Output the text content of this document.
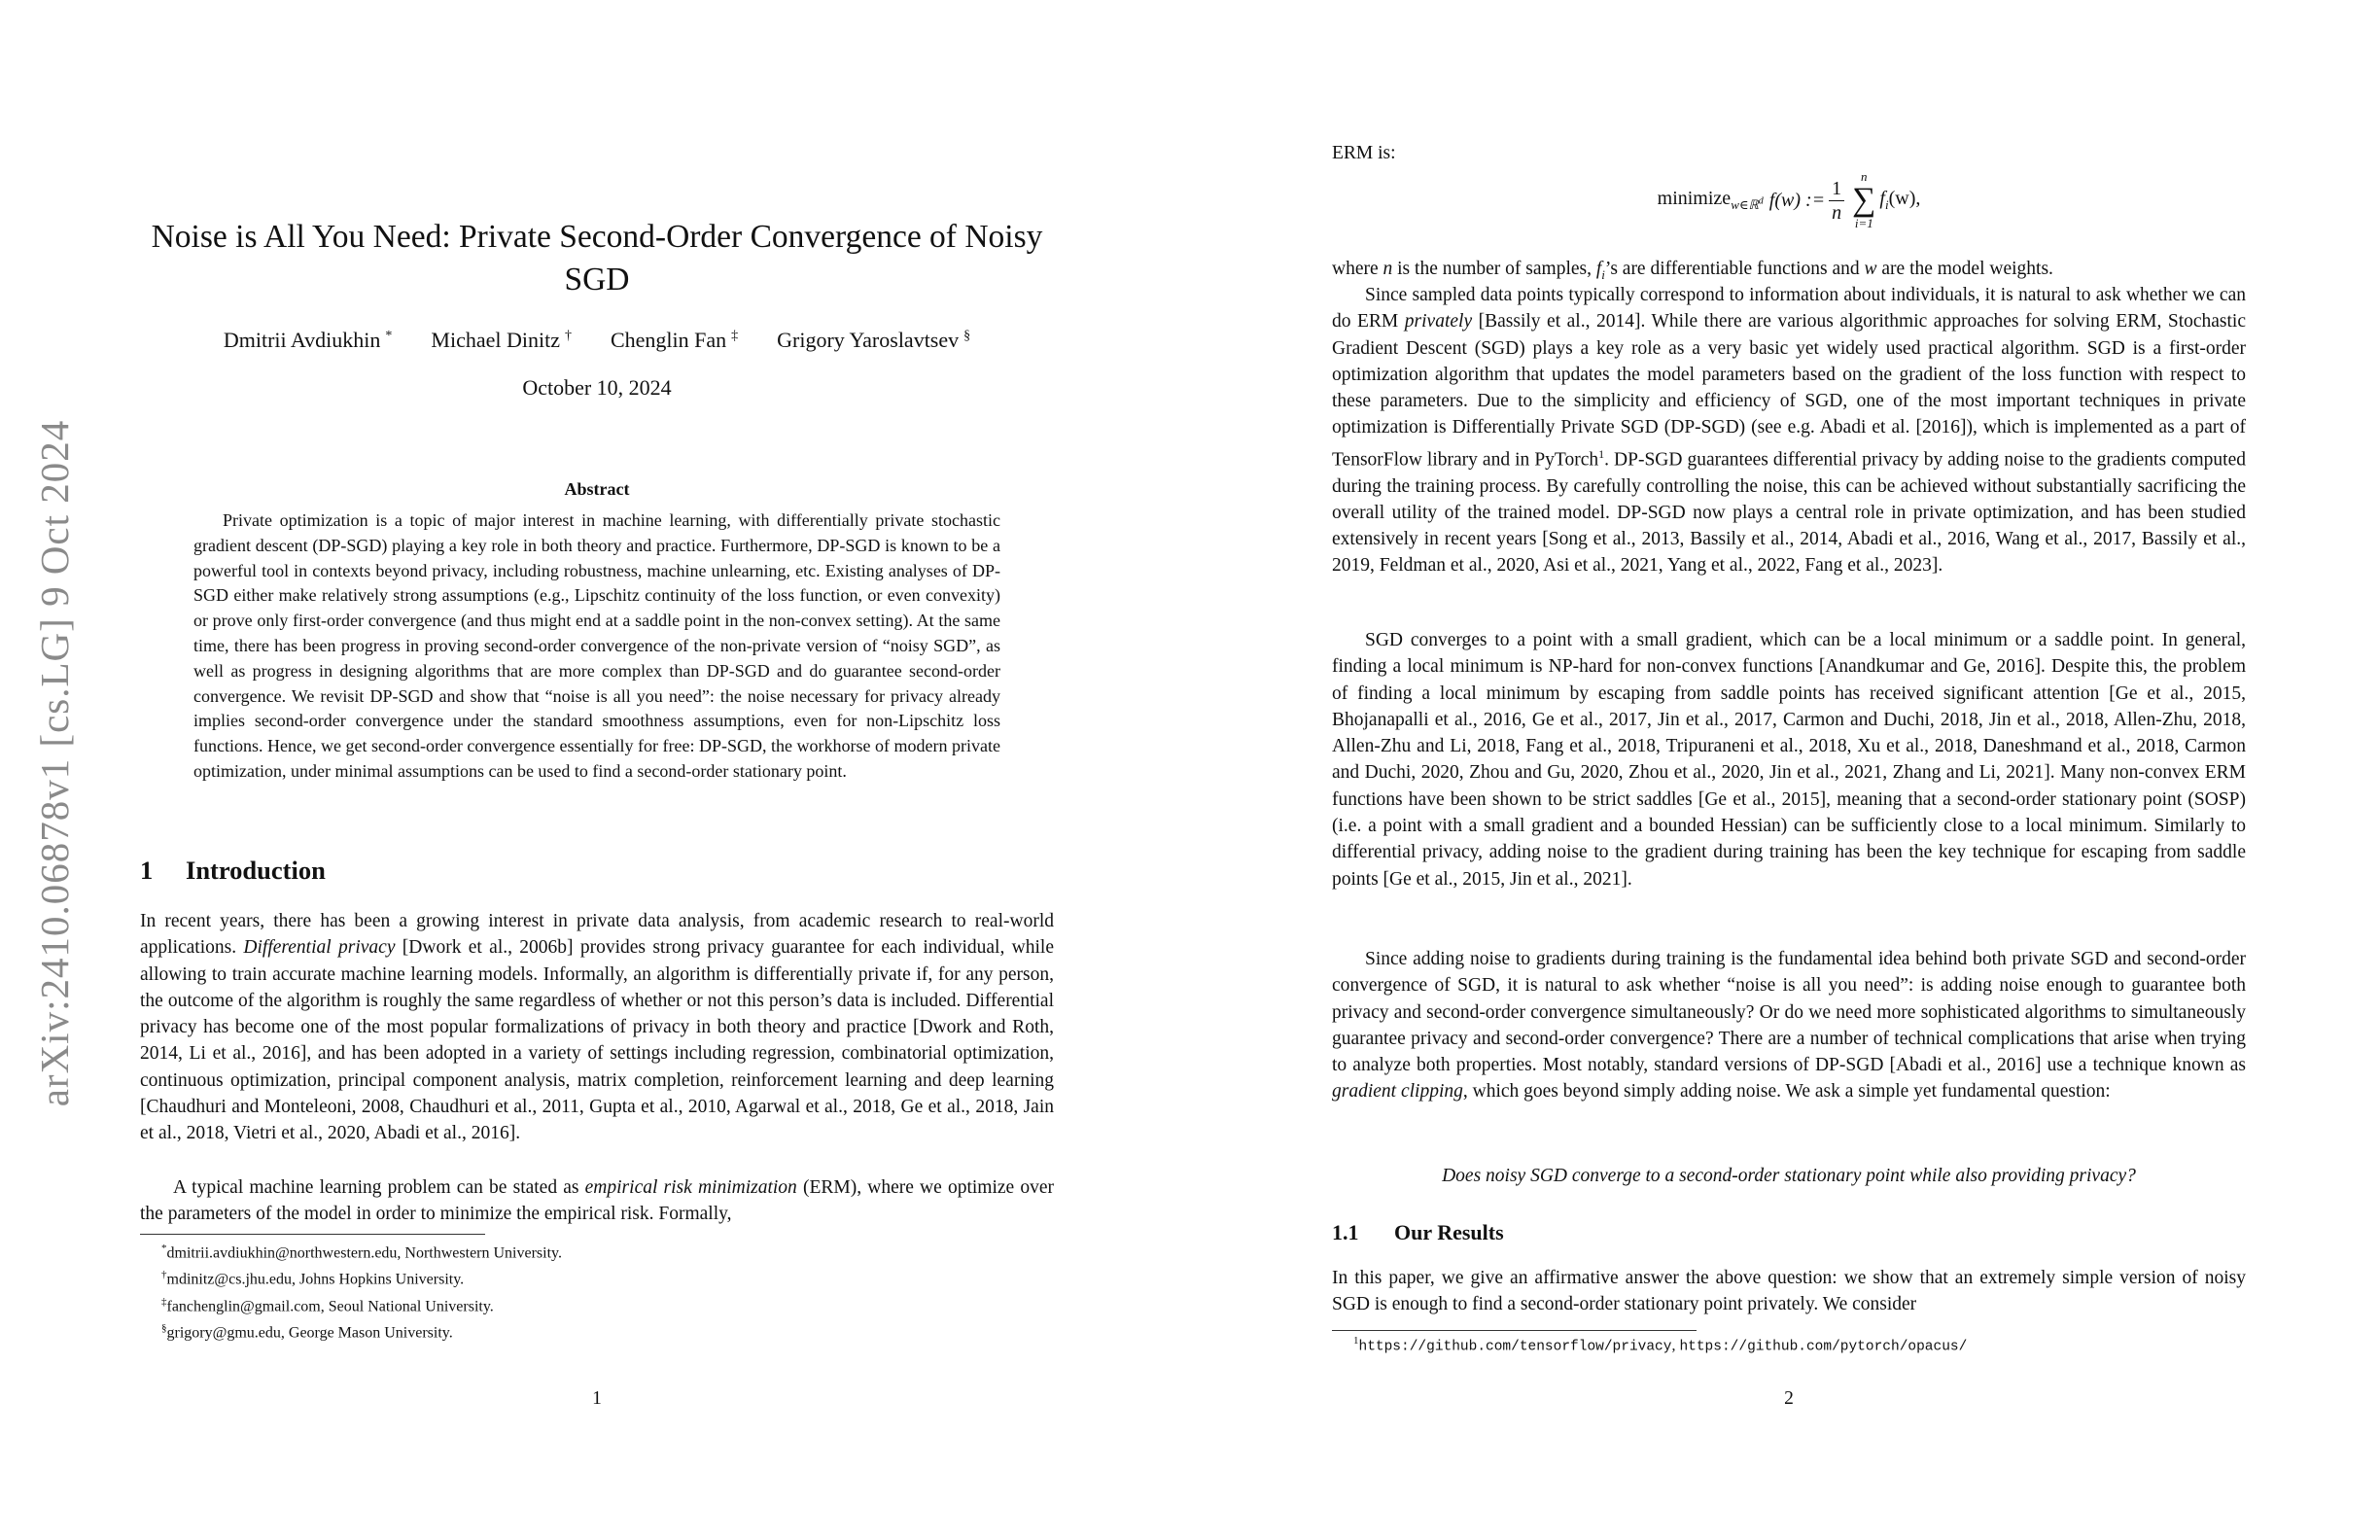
arXiv:2410.06878v1 [cs.LG] 9 Oct 2024
Noise is All You Need: Private Second-Order Convergence of Noisy SGD
Dmitrii Avdiukhin * Michael Dinitz † Chenglin Fan ‡ Grigory Yaroslavtsev §
October 10, 2024
Abstract
Private optimization is a topic of major interest in machine learning, with differentially private stochastic gradient descent (DP-SGD) playing a key role in both theory and practice. Furthermore, DP-SGD is known to be a powerful tool in contexts beyond privacy, including robustness, machine unlearning, etc. Existing analyses of DP-SGD either make relatively strong assumptions (e.g., Lipschitz continuity of the loss function, or even convexity) or prove only first-order convergence (and thus might end at a saddle point in the non-convex setting). At the same time, there has been progress in proving second-order convergence of the non-private version of “noisy SGD”, as well as progress in designing algorithms that are more complex than DP-SGD and do guarantee second-order convergence. We revisit DP-SGD and show that “noise is all you need”: the noise necessary for privacy already implies second-order convergence under the standard smoothness assumptions, even for non-Lipschitz loss functions. Hence, we get second-order convergence essentially for free: DP-SGD, the workhorse of modern private optimization, under minimal assumptions can be used to find a second-order stationary point.
1 Introduction
In recent years, there has been a growing interest in private data analysis, from academic research to real-world applications. Differential privacy [Dwork et al., 2006b] provides strong privacy guarantee for each individual, while allowing to train accurate machine learning models. Informally, an algorithm is differentially private if, for any person, the outcome of the algorithm is roughly the same regardless of whether or not this person’s data is included. Differential privacy has become one of the most popular formalizations of privacy in both theory and practice [Dwork and Roth, 2014, Li et al., 2016], and has been adopted in a variety of settings including regression, combinatorial optimization, continuous optimization, principal component analysis, matrix completion, reinforcement learning and deep learning [Chaudhuri and Monteleoni, 2008, Chaudhuri et al., 2011, Gupta et al., 2010, Agarwal et al., 2018, Ge et al., 2018, Jain et al., 2018, Vietri et al., 2020, Abadi et al., 2016].
A typical machine learning problem can be stated as empirical risk minimization (ERM), where we optimize over the parameters of the model in order to minimize the empirical risk. Formally,
*dmitrii.avdiukhin@northwestern.edu, Northwestern University.
†mdinitz@cs.jhu.edu, Johns Hopkins University.
‡fanchenglin@gmail.com, Seoul National University.
§grigory@gmu.edu, George Mason University.
1
ERM is:
minimize$_{w\in ℝ^d}$ f(w) := $\frac{1}{n}$ n
∑
i=1
$f_i(w)$,
where n is the number of samples, $f_i’s$ are differentiable functions and w are the model weights.
Since sampled data points typically correspond to information about individuals, it is natural to ask whether we can do ERM privately [Bassily et al., 2014]. While there are various algorithmic approaches for solving ERM, Stochastic Gradient Descent (SGD) plays a key role as a very basic yet widely used practical algorithm. SGD is a first-order optimization algorithm that updates the model parameters based on the gradient of the loss function with respect to these parameters. Due to the simplicity and efficiency of SGD, one of the most important techniques in private optimization is Differentially Private SGD (DP-SGD) (see e.g. Abadi et al. [2016]), which is implemented as a part of TensorFlow library and in PyTorch$^1$. DP-SGD guarantees differential privacy by adding noise to the gradients computed during the training process. By carefully controlling the noise, this can be achieved without substantially sacrificing the overall utility of the trained model. DP-SGD now plays a central role in private optimization, and has been studied extensively in recent years [Song et al., 2013, Bassily et al., 2014, Abadi et al., 2016, Wang et al., 2017, Bassily et al., 2019, Feldman et al., 2020, Asi et al., 2021, Yang et al., 2022, Fang et al., 2023].
SGD converges to a point with a small gradient, which can be a local minimum or a saddle point. In general, finding a local minimum is NP-hard for non-convex functions [Anandkumar and Ge, 2016]. Despite this, the problem of finding a local minimum by escaping from saddle points has received significant attention [Ge et al., 2015, Bhojanapalli et al., 2016, Ge et al., 2017, Jin et al., 2017, Carmon and Duchi, 2018, Jin et al., 2018, Allen-Zhu, 2018, Allen-Zhu and Li, 2018, Fang et al., 2018, Tripuraneni et al., 2018, Xu et al., 2018, Daneshmand et al., 2018, Carmon and Duchi, 2020, Zhou and Gu, 2020, Zhou et al., 2020, Jin et al., 2021, Zhang and Li, 2021]. Many non-convex ERM functions have been shown to be strict saddles [Ge et al., 2015], meaning that a second-order stationary point (SOSP) (i.e. a point with a small gradient and a bounded Hessian) can be sufficiently close to a local minimum. Similarly to differential privacy, adding noise to the gradient during training has been the key technique for escaping from saddle points [Ge et al., 2015, Jin et al., 2021].
Since adding noise to gradients during training is the fundamental idea behind both private SGD and second-order convergence of SGD, it is natural to ask whether “noise is all you need”: is adding noise enough to guarantee both privacy and second-order convergence simultaneously? Or do we need more sophisticated algorithms to simultaneously guarantee privacy and second-order convergence? There are a number of technical complications that arise when trying to analyze both properties. Most notably, standard versions of DP-SGD [Abadi et al., 2016] use a technique known as gradient clipping, which goes beyond simply adding noise. We ask a simple yet fundamental question:
Does noisy SGD converge to a second-order stationary point while also providing privacy?
1.1 Our Results
In this paper, we give an affirmative answer the above question: we show that an extremely simple version of noisy SGD is enough to find a second-order stationary point privately. We consider
$^1$https://github.com/tensorflow/privacy, https://github.com/pytorch/opacus/
2
